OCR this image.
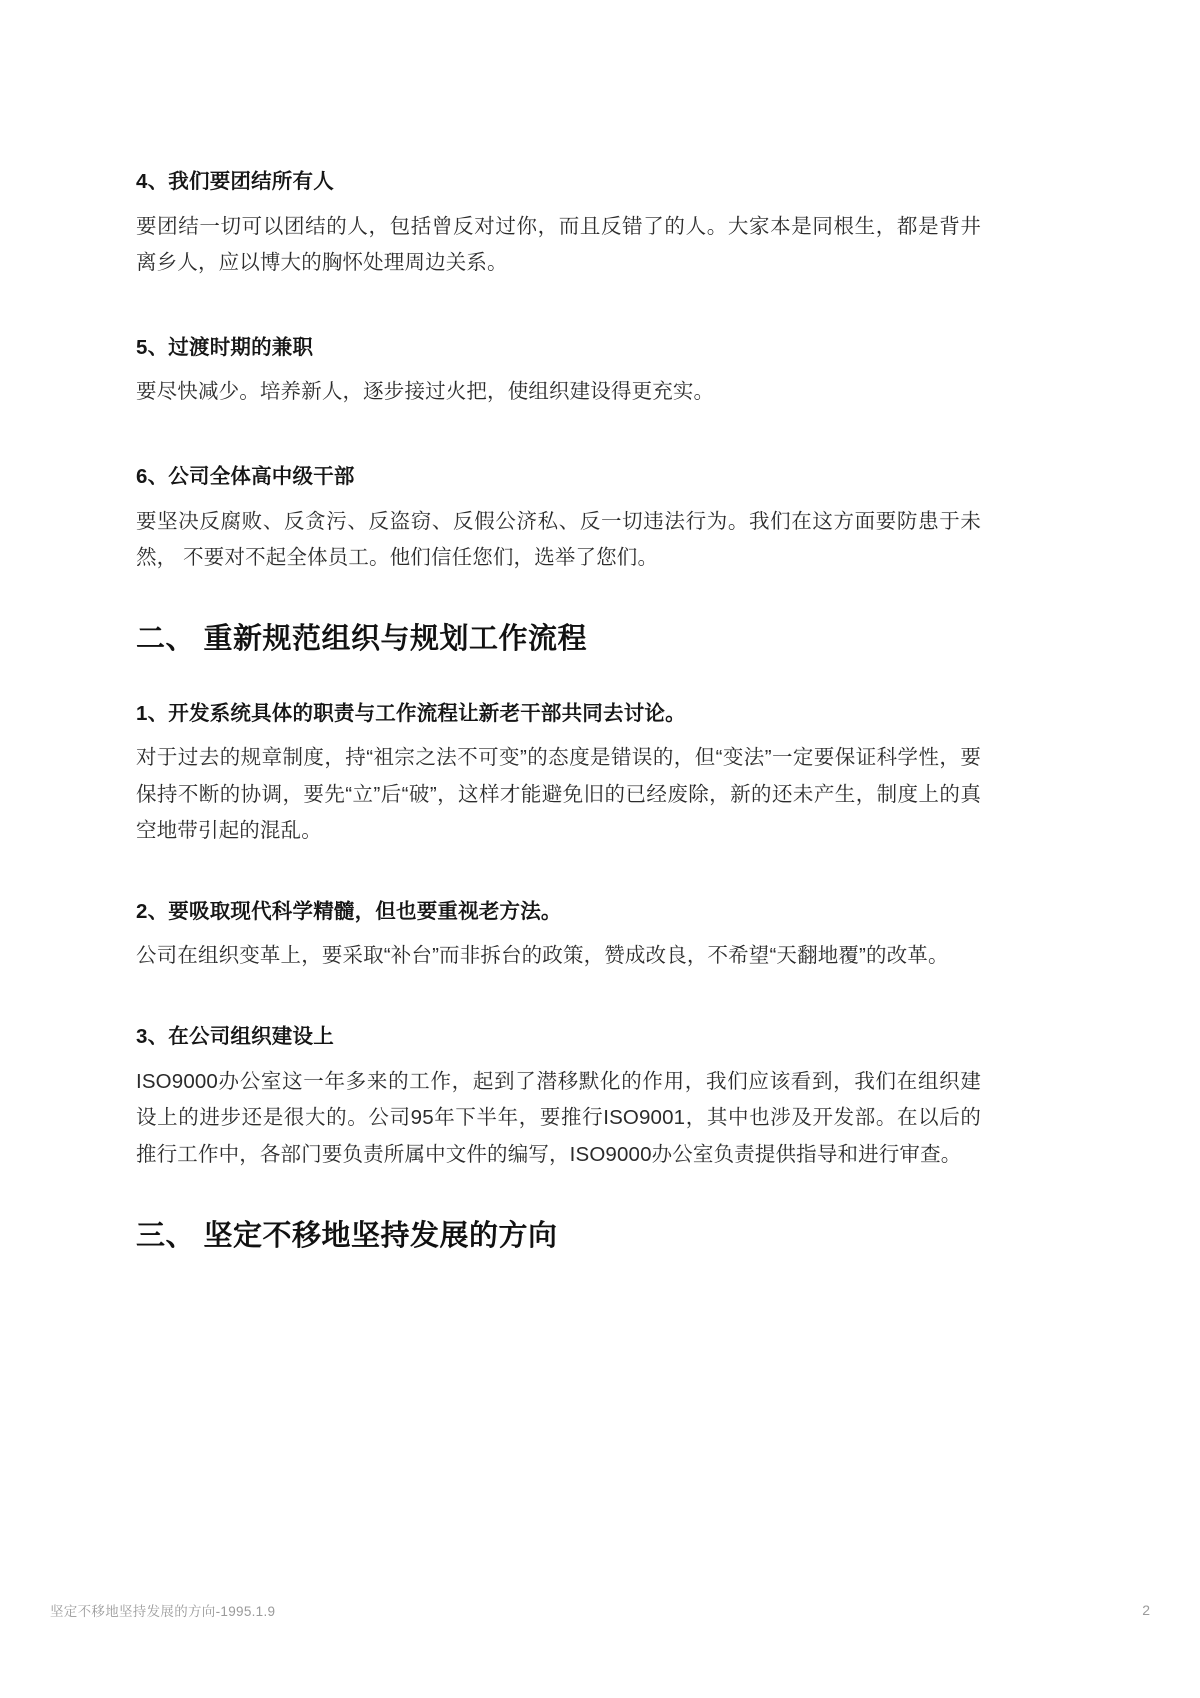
4、我们要团结所有人
要团结一切可以团结的人，包括曾反对过你，而且反错了的人。大家本是同根生，都是背井离乡人，应以博大的胸怀处理周边关系。
5、过渡时期的兼职
要尽快减少。培养新人，逐步接过火把，使组织建设得更充实。
6、公司全体高中级干部
要坚决反腐败、反贪污、反盗窃、反假公济私、反一切违法行为。我们在这方面要防患于未然， 不要对不起全体员工。他们信任您们，选举了您们。
二、 重新规范组织与规划工作流程
1、开发系统具体的职责与工作流程让新老干部共同去讨论。
对于过去的规章制度，持“祖宗之法不可变”的态度是错误的，但“变法”一定要保证科学性，要保持不断的协调，要先“立”后“破”，这样才能避免旧的已经废除，新的还未产生，制度上的真空地带引起的混乱。
2、要吸取现代科学精髓，但也要重视老方法。
公司在组织变革上，要采取“补台”而非拆台的政策，赞成改良，不希望“天翻地覆”的改革。
3、在公司组织建设上
ISO9000办公室这一年多来的工作，起到了潜移默化的作用，我们应该看到，我们在组织建设上的进步还是很大的。公司95年下半年，要推行ISO9001，其中也涉及开发部。在以后的推行工作中，各部门要负责所属中文件的编写，ISO9000办公室负责提供指导和进行审查。
三、 坚定不移地坚持发展的方向
坚定不移地坚持发展的方向-1995.1.9	2
